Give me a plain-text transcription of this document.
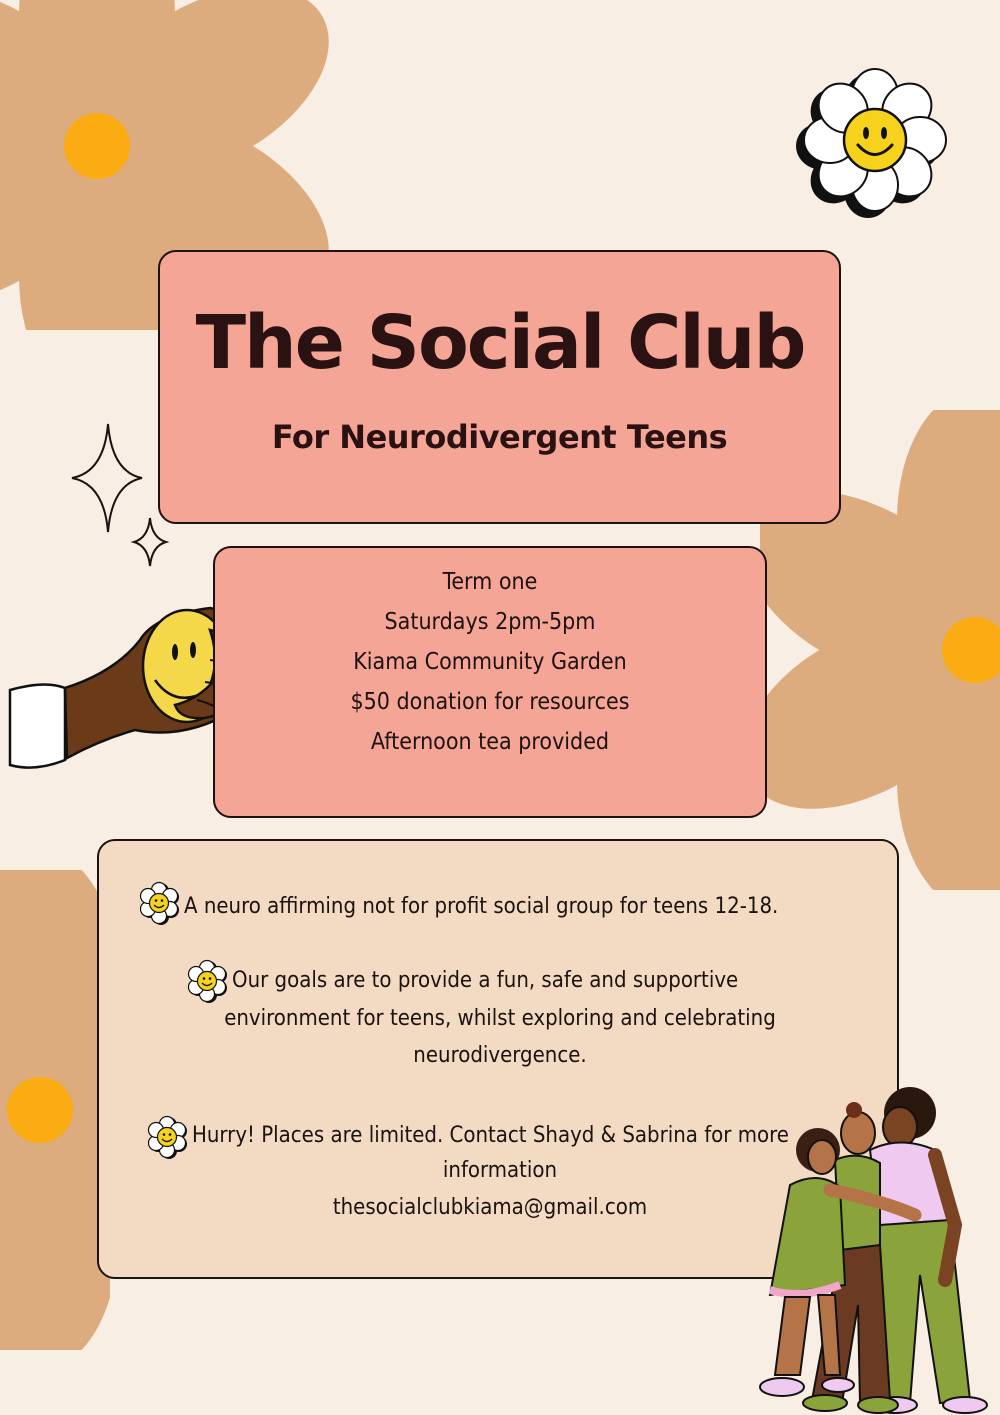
The Social Club
For Neurodivergent Teens
Term one
Saturdays 2pm-5pm
Kiama Community Garden
$50 donation for resources
Afternoon tea provided

A neuro affirming not for profit social group for teens 12-18.

Our goals are to provide a fun, safe and supportive

environment for teens, whilst exploring and celebrating

neurodivergence.

Hurry! Places are limited. Contact Shayd & Sabrina for more

information

thesocialclubkiama@gmail.com
